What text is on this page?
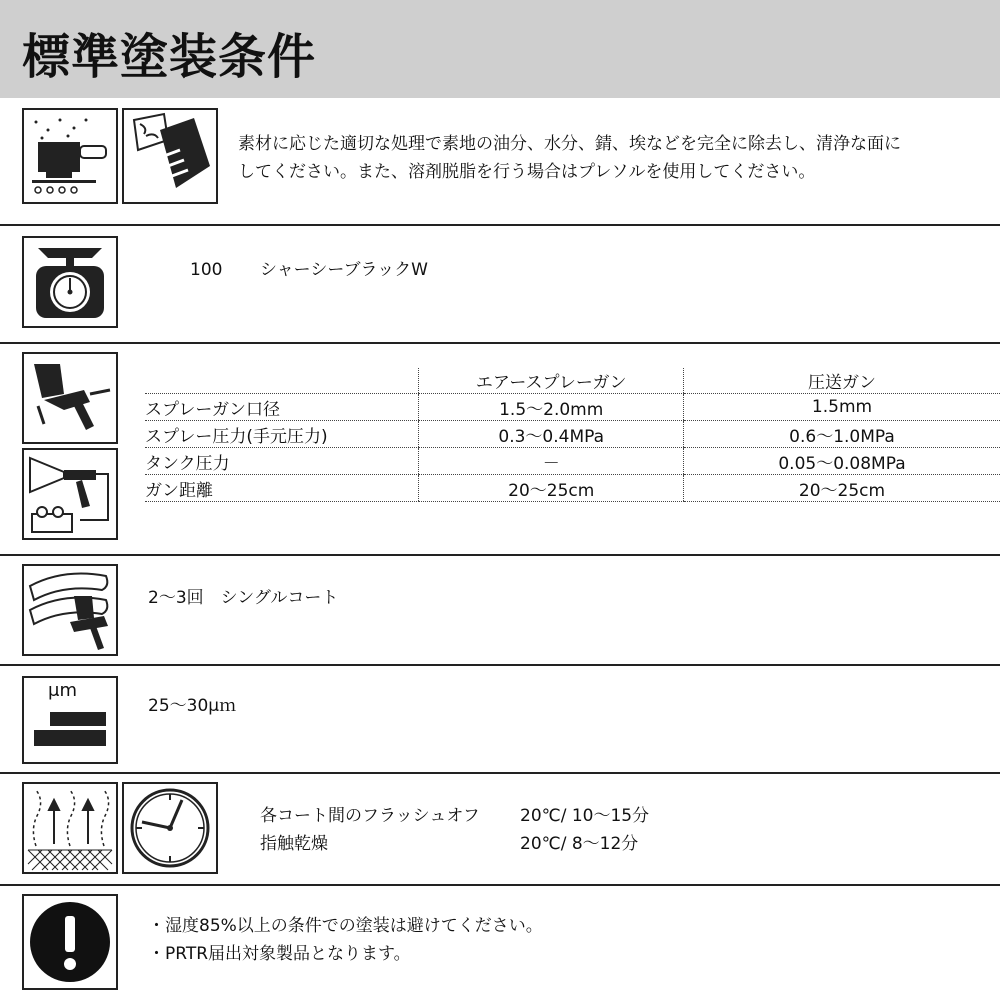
標準塗装条件
素材に応じた適切な処理で素地の油分、水分、錆、埃などを完全に除去し、清浄な面に
してください。また、溶剤脱脂を行う場合はプレソルを使用してください。
100 シャーシーブラックW
	エアースプレーガン	圧送ガン
スプレーガン口径	1.5～2.0mm	1.5mm
スプレー圧力(手元圧力)	0.3～0.4MPa	0.6～1.0MPa
タンク圧力	－	0.05～0.08MPa
ガン距離	20～25cm	20～25cm
2～3回　シングルコート
μm
25～30μｍ
各コート間のフラッシュオフ 20℃/ 10～15分
指触乾燥	20℃/ 8～12分
・湿度85%以上の条件での塗装は避けてください。
・PRTR届出対象製品となります。
